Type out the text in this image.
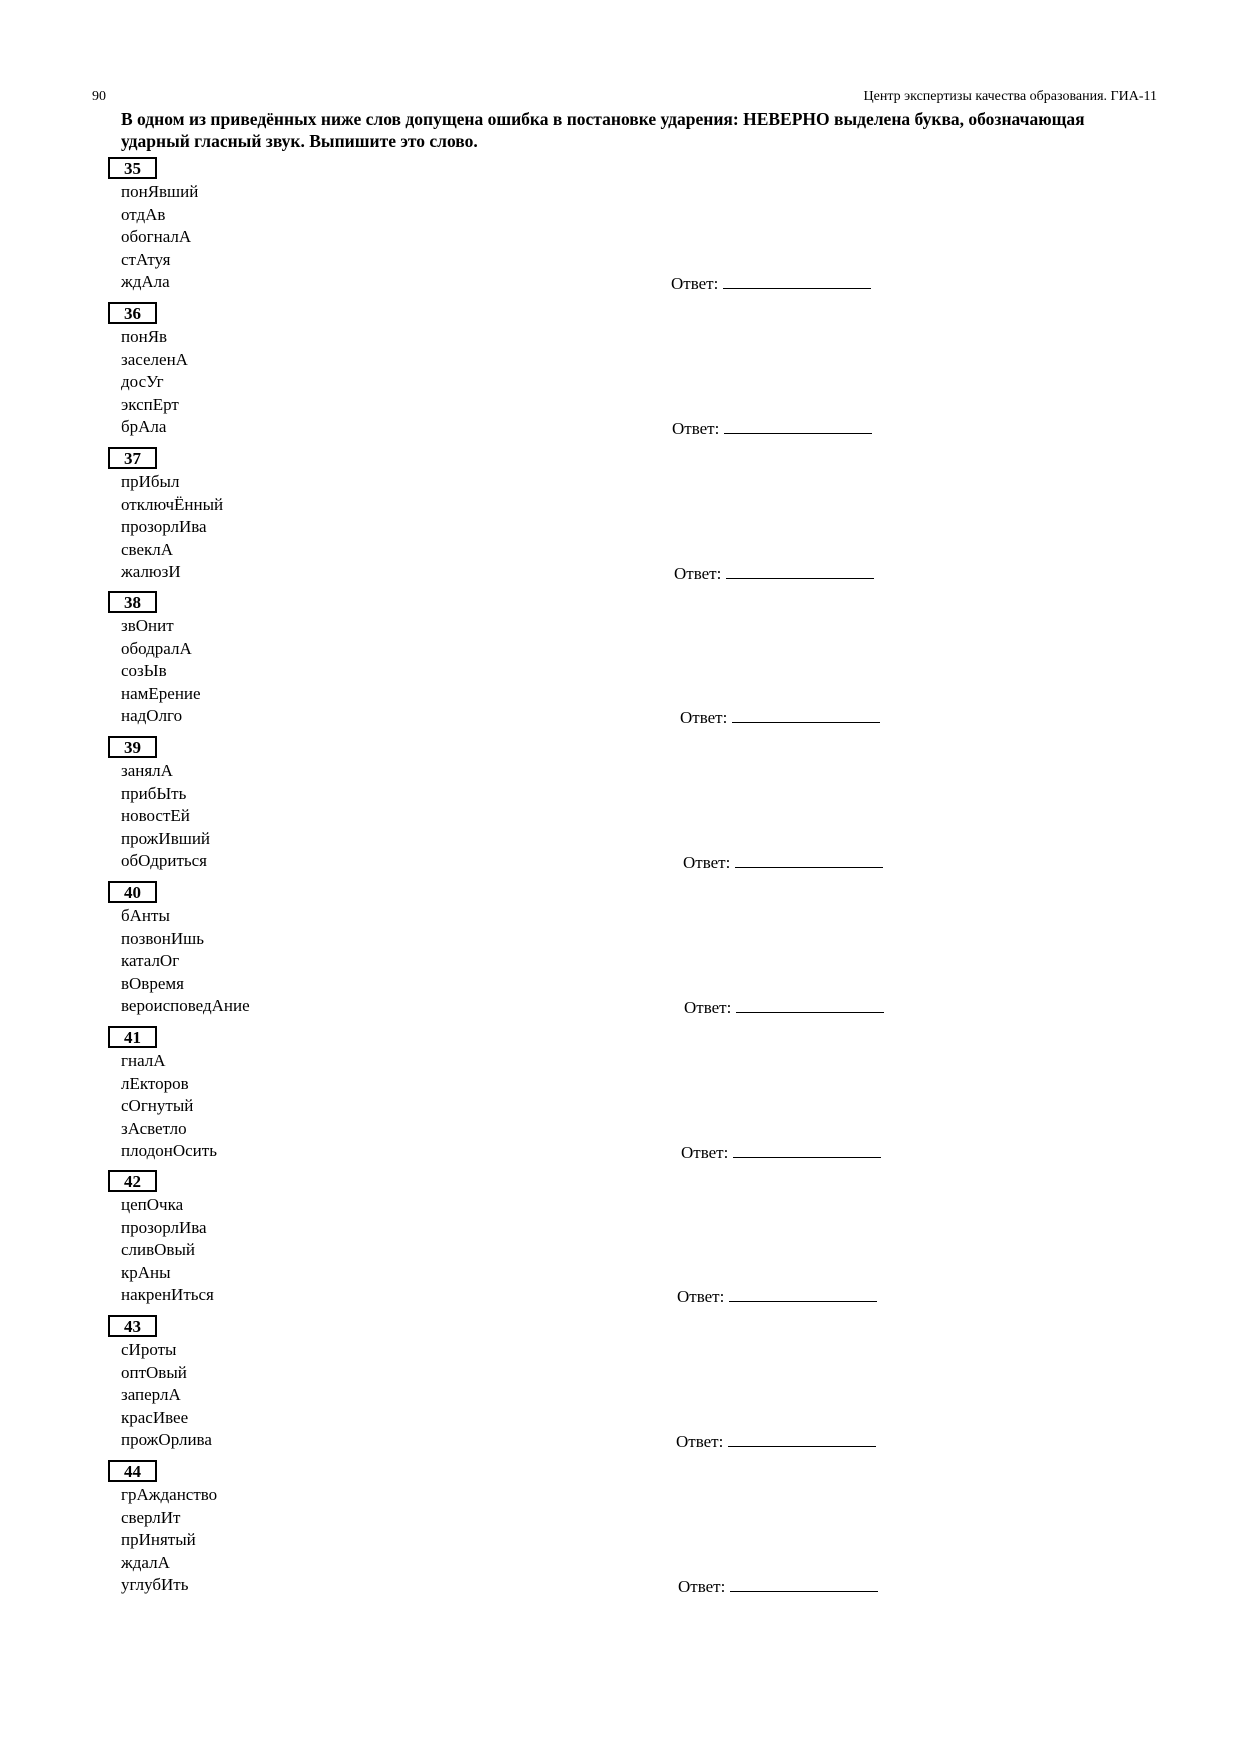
90	Центр экспертизы качества образования. ГИА-11
В одном из приведённых ниже слов допущена ошибка в постановке ударения: НЕВЕРНО выделена буква, обозначающая ударный гласный звук. Выпишите это слово.
35
понЯвший
отдАв
обогналА
стАтуя
ждАла	Ответ:
36
понЯв
заселенА
досУг
экспЕрт
брАла	Ответ:
37
прИбыл
отключЁнный
прозорлИва
свеклА
жалюзИ	Ответ:
38
звОнит
ободралА
созЫв
намЕрение
надОлго	Ответ:
39
занялА
прибЫть
новостЕй
прожИвший
обОдриться	Ответ:
40
бАнты
позвонИшь
каталОг
вОвремя
вероисповедАние	Ответ:
41
гналА
лЕкторов
сОгнутый
зАсветло
плодонОсить	Ответ:
42
цепОчка
прозорлИва
сливОвый
крАны
накренИться	Ответ:
43
сИроты
оптОвый
заперлА
красИвее
прожОрлива	Ответ:
44
грАжданство
сверлИт
прИнятый
ждалА
углубИть	Ответ:
